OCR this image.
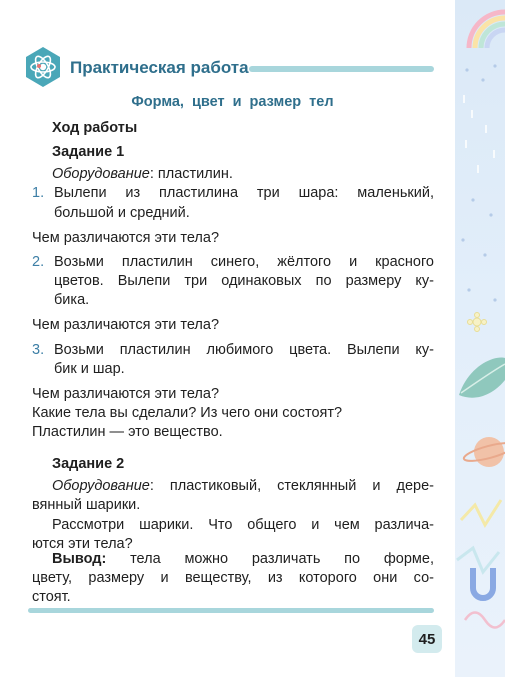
Практическая работа
Форма, цвет и размер тел
Ход работы
Задание 1
Оборудование: пластилин.
1. Вылепи из пластилина три шара: маленький,
большой и средний.
Чем различаются эти тела?
2. Возьми пластилин синего, жёлтого и красного
цветов. Вылепи три одинаковых по размеру ку-
бика.
Чем различаются эти тела?
3. Возьми пластилин любимого цвета. Вылепи ку-
бик и шар.
Чем различаются эти тела?
Какие тела вы сделали? Из чего они состоят?
Пластилин — это вещество.
Задание 2
Оборудование: пластиковый, стеклянный и дере-
вянный шарики.
Рассмотри шарики. Что общего и чем различа-
ются эти тела?
Вывод: тела можно различать по форме,
цвету, размеру и веществу, из которого они со-
стоят.
45
